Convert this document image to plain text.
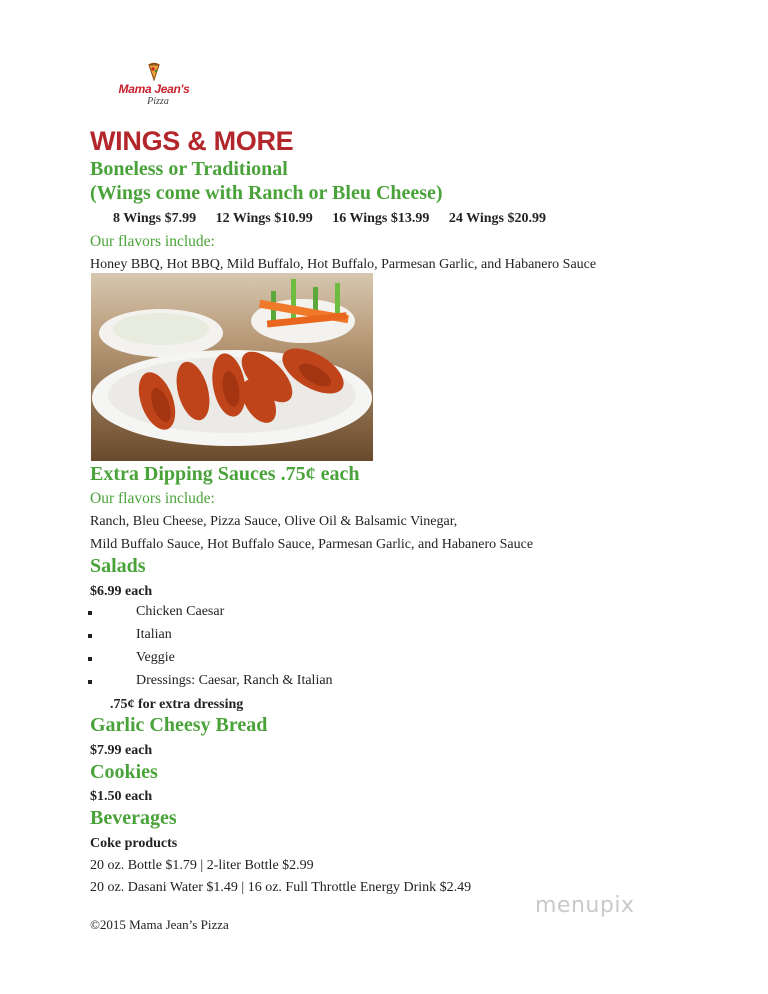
Mama Jean's
Pizza
WINGS & MORE
Boneless or Traditional
(Wings come with Ranch or Bleu Cheese)
8 Wings $7.99 12 Wings $10.99 16 Wings $13.99 24 Wings $20.99
Our flavors include:
Honey BBQ, Hot BBQ, Mild Buffalo, Hot Buffalo, Parmesan Garlic, and Habanero Sauce
Extra Dipping Sauces .75¢ each
Our flavors include:
Ranch, Bleu Cheese, Pizza Sauce, Olive Oil & Balsamic Vinegar,
Mild Buffalo Sauce, Hot Buffalo Sauce, Parmesan Garlic, and Habanero Sauce
Salads
$6.99 each
Chicken Caesar
Italian
Veggie
Dressings: Caesar, Ranch & Italian
.75¢ for extra dressing
Garlic Cheesy Bread
$7.99 each
Cookies
$1.50 each
Beverages
Coke products
20 oz. Bottle $1.79 | 2-liter Bottle $2.99
20 oz. Dasani Water $1.49 | 16 oz. Full Throttle Energy Drink $2.49
menupix
©2015 Mama Jean’s Pizza
